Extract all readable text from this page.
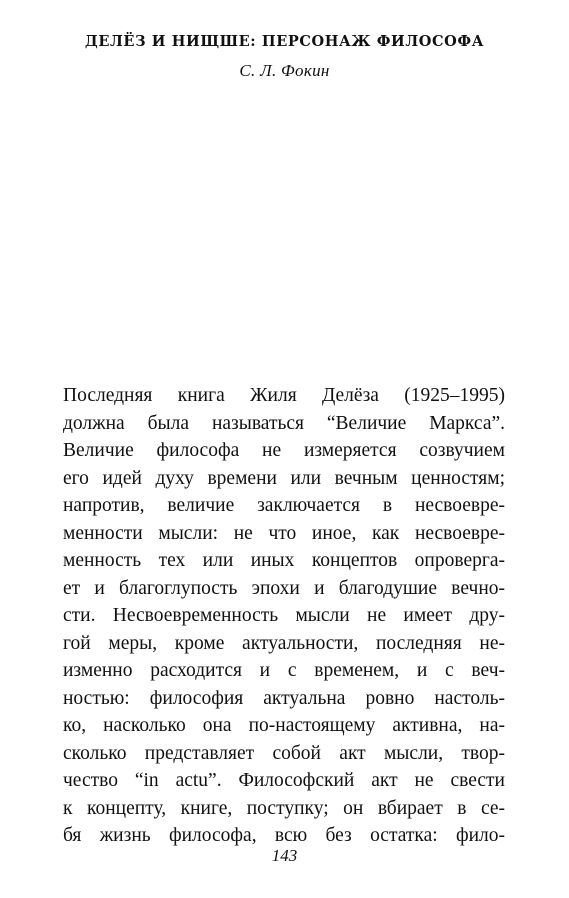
ДЕЛЁЗ И НИЩШЕ: ПЕРСОНАЖ ФИЛОСОФА
С. Л. Фокин
Последняя книга Жиля Делёза (1925–1995)
должна была называться “Величие Маркса”.
Величие философа не измеряется созвучием
его идей духу времени или вечным ценностям;
напротив, величие заключается в несвоевре-
менности мысли: не что иное, как несвоевре-
менность тех или иных концептов опроверга-
ет и благоглупость эпохи и благодушие вечно-
сти. Несвоевременность мысли не имеет дру-
гой меры, кроме актуальности, последняя не-
изменно расходится и с временем, и с веч-
ностью: философия актуальна ровно настоль-
ко, насколько она по-настоящему активна, на-
сколько представляет собой акт мысли, твор-
чество “in actu”. Философский акт не свести
к концепту, книге, поступку; он вбирает в се-
бя жизнь философа, всю без остатка: фило-
143
